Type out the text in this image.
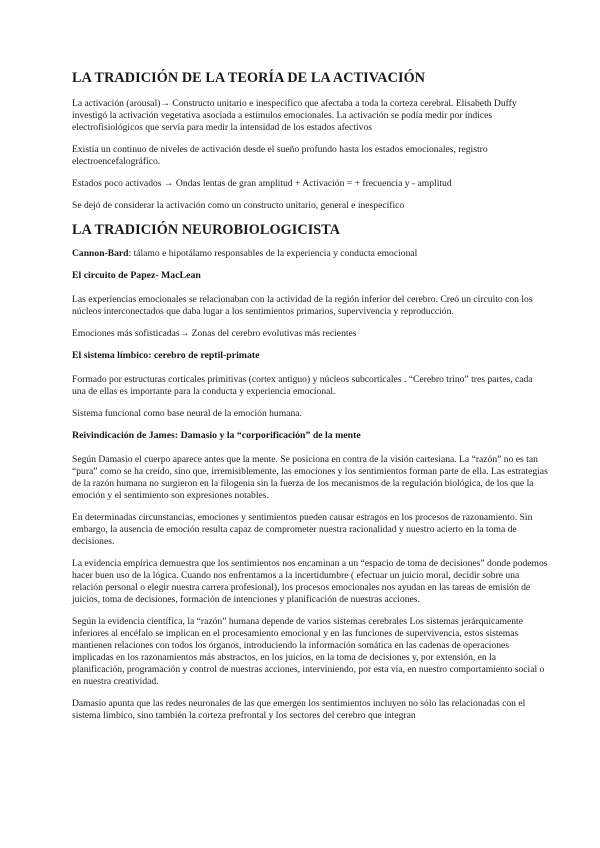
LA TRADICIÓN DE LA TEORÍA DE LA ACTIVACIÓN

La activación (arousal)→ Constructo unitario e inespecífico que afectaba a toda la corteza cerebral. Elisabeth Duffy investigó la activación vegetativa asociada a estímulos emocionales. La activación se podía medir por índices electrofisiológicos que servía para medir la intensidad de los estados afectivos

Existía un continuo de niveles de activación desde el sueño profundo hasta los estados emocionales, registro electroencefalográfico.

Estados poco activados → Ondas lentas de gran amplitud + Activación = + frecuencia y - amplitud

Se dejó de considerar la activación como un constructo unitario, general e inespecífico

LA TRADICIÓN NEUROBIOLOGICISTA

Cannon-Bard: tálamo e hipotálamo responsables de la experiencia y conducta emocional

El circuito de Papez- MacLean

Las experiencias emocionales se relacionaban con la actividad de la región inferior del cerebro. Creó un circuito con los núcleos interconectados que daba lugar a los sentimientos primarios, supervivencia y reproducción.

Emociones más sofisticadas→ Zonas del cerebro evolutivas más recientes

El sistema límbico: cerebro de reptil-primate

Formado por estructuras corticales primitivas (cortex antiguo) y núcleos subcorticales . “Cerebro trino” tres partes, cada una de ellas es importante para la conducta y experiencia emocional.

Sistema funcional como base neural de la emoción humana.

Reivindicación de James: Damasio y la “corporificación” de la mente

Según Damasio el cuerpo aparece antes que la mente. Se posiciona en contra de la visión cartesiana. La “razón” no es tan “pura” como se ha creído, sino que, irremisiblemente, las emociones y los sentimientos forman parte de ella. Las estrategias de la razón humana no surgieron en la filogenia sin la fuerza de los mecanismos de la regulación biológica, de los que la emoción y el sentimiento son expresiones notables.

En determinadas circunstancias, emociones y sentimientos pueden causar estragos en los procesos de razonamiento. Sin embargo, la ausencia de emoción resulta capaz de comprometer nuestra racionalidad y nuestro acierto en la toma de decisiones.

La evidencia empírica demuestra que los sentimientos nos encaminan a un “espacio de toma de decisiones” donde podemos hacer buen uso de la lógica. Cuando nos enfrentamos a la incertidumbre ( efectuar un juicio moral, decidir sobre una relación personal o elegir nuestra carrera profesional), los procesos emocionales nos ayudan en las tareas de emisión de juicios, toma de decisiones, formación de intenciones y planificación de nuestras acciones.

Según la evidencia científica, la “razón” humana depende de varios sistemas cerebrales Los sistemas jerárquicamente inferiores al encéfalo se implican en el procesamiento emocional y en las funciones de supervivencia, estos sistemas mantienen relaciones con todos los órganos, introduciendo la información somática en las cadenas de operaciones implicadas en los razonamientos más abstractos, en los juicios, en la toma de decisiones y, por extensión, en la planificación, programación y control de nuestras acciones, interviniendo, por esta vía, en nuestro comportamiento social o en nuestra creatividad.

Damasio apunta que las redes neuronales de las que emergen los sentimientos incluyen no sólo las relacionadas con el sistema límbico, sino también la corteza prefrontal y los sectores del cerebro que integran
